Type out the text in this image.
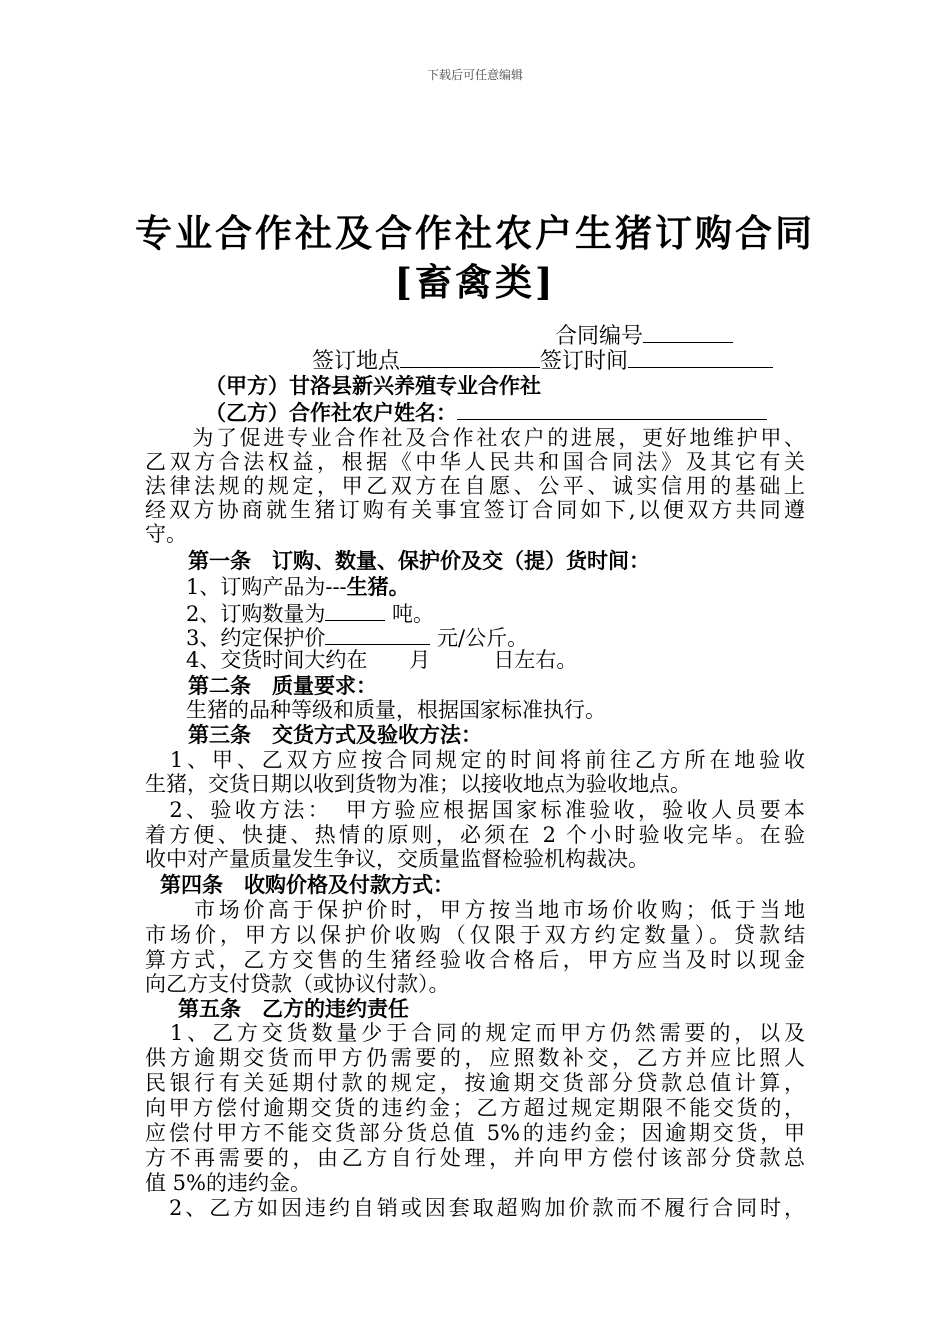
下载后可任意编辑
专业合作社及合作社农户生猪订购合同
[畜禽类]
合同编号
签订地点	签订时间
（甲方）甘洛县新兴养殖专业合作社
（乙方）合作社农户姓名：
　　为了促进专业合作社及合作社农户的进展，更好地维护甲、
乙双方合法权益，根据《中华人民共和国合同法》及其它有关
法律法规的规定，甲乙双方在自愿、公平、诚实信用的基础上
经双方协商就生猪订购有关事宜签订合同如下,以便双方共同遵
守。
第一条　订购、数量、保护价及交（提）货时间：
1、订购产品为---生猪。
2、订购数量为	吨。
3、约定保护价	元/公斤。
4、交货时间大约在　　月　　　日左右。
第二条　质量要求：
生猪的品种等级和质量，根据国家标准执行。
第三条　交货方式及验收方法：
　1、甲、乙双方应按合同规定的时间将前往乙方所在地验收
生猪，交货日期以收到货物为准；以接收地点为验收地点。
　2、验收方法：　甲方验应根据国家标准验收，验收人员要本
着方便、快捷、热情的原则，必须在 2 个小时验收完毕。在验
收中对产量质量发生争议，交质量监督检验机构裁决。
第四条　收购价格及付款方式：
　　市场价高于保护价时，甲方按当地市场价收购；低于当地
市场价，甲方以保护价收购（仅限于双方约定数量）。贷款结
算方式，乙方交售的生猪经验收合格后，甲方应当及时以现金
向乙方支付贷款（或协议付款）。
第五条　乙方的违约责任
　1、乙方交货数量少于合同的规定而甲方仍然需要的，以及
供方逾期交货而甲方仍需要的，应照数补交，乙方并应比照人
民银行有关延期付款的规定，按逾期交货部分贷款总值计算，
向甲方偿付逾期交货的违约金；乙方超过规定期限不能交货的，
应偿付甲方不能交货部分货总值 5%的违约金；因逾期交货，甲
方不再需要的，由乙方自行处理，并向甲方偿付该部分贷款总
值 5%的违约金。
　2、乙方如因违约自销或因套取超购加价款而不履行合同时，
